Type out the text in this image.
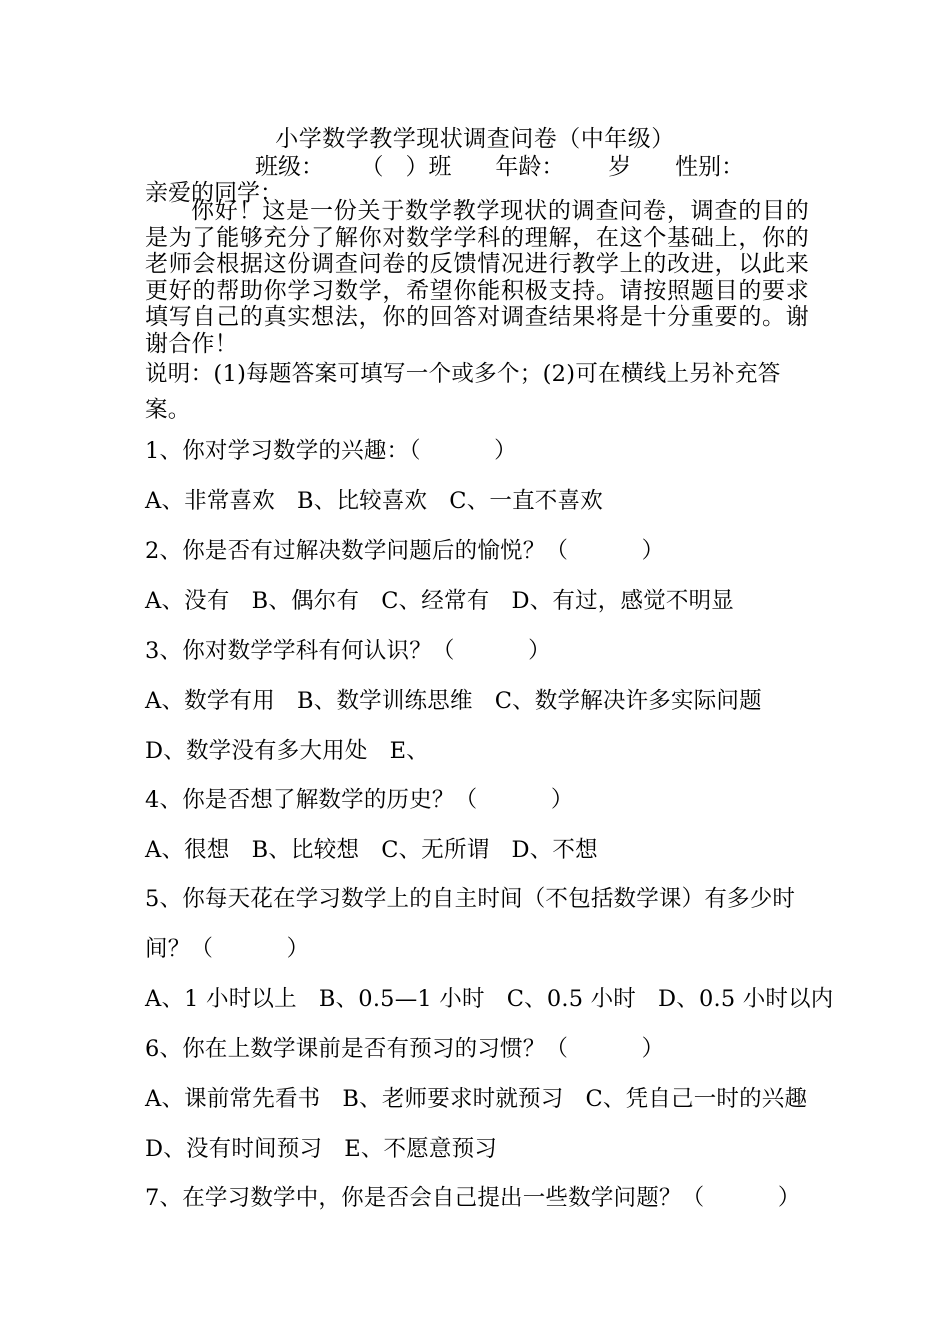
小学数学教学现状调查问卷（中年级）
班级：     （   ）班      年龄：      岁      性别：
亲爱的同学：
你好！这是一份关于数学教学现状的调查问卷，调查的目的是为了能够充分了解你对数学学科的理解，在这个基础上，你的老师会根据这份调查问卷的反馈情况进行教学上的改进，以此来更好的帮助你学习数学，希望你能积极支持。请按照题目的要求填写自己的真实想法，你的回答对调查结果将是十分重要的。谢谢合作！
说明：(1)每题答案可填写一个或多个；(2)可在横线上另补充答案。
1、你对学习数学的兴趣：（          ）
A、非常喜欢   B、比较喜欢   C、一直不喜欢
2、你是否有过解决数学问题后的愉悦？（          ）
A、没有   B、偶尔有   C、经常有   D、有过，感觉不明显
3、你对数学学科有何认识？（          ）
A、数学有用   B、数学训练思维   C、数学解决许多实际问题
D、数学没有多大用处   E、
4、你是否想了解数学的历史？（          ）
A、很想   B、比较想   C、无所谓   D、不想
5、你每天花在学习数学上的自主时间（不包括数学课）有多少时
间？（          ）
A、1 小时以上   B、0.5—1 小时   C、0.5 小时   D、0.5 小时以内
6、你在上数学课前是否有预习的习惯？（          ）
A、课前常先看书   B、老师要求时就预习   C、凭自己一时的兴趣
D、没有时间预习   E、不愿意预习
7、在学习数学中，你是否会自己提出一些数学问题？（          ）
